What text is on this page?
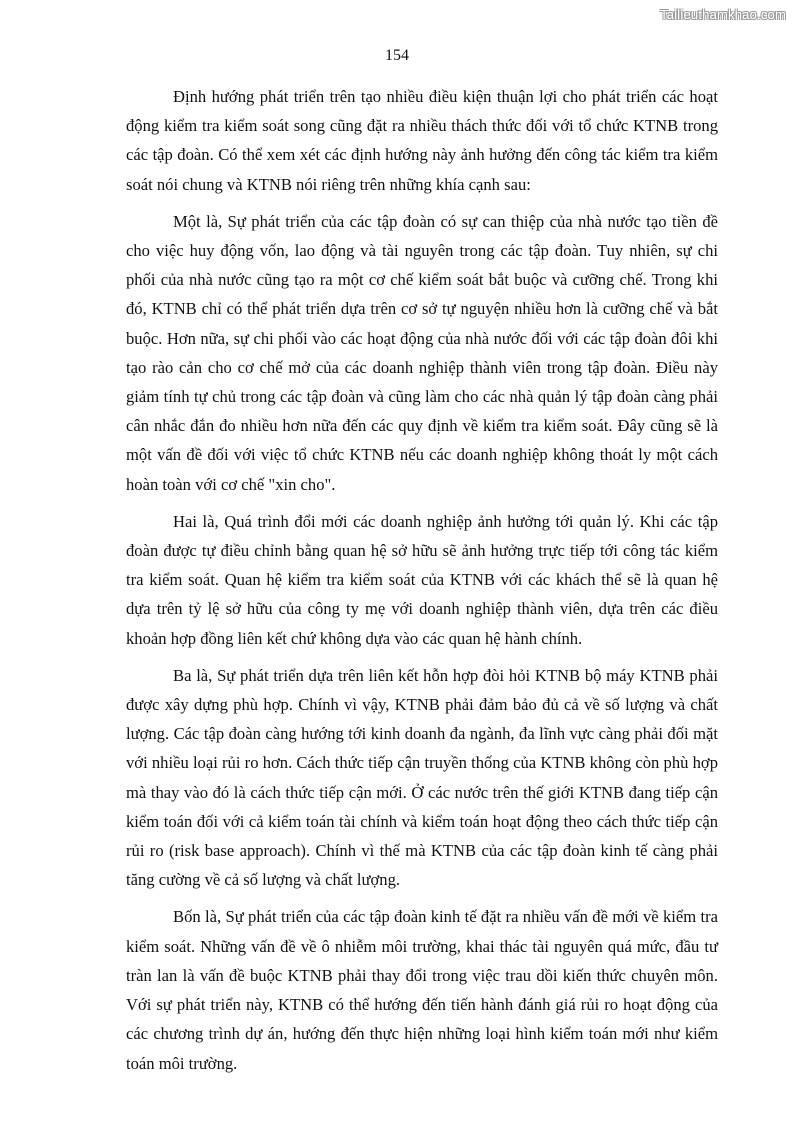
Tailieuthamkhao.com
154

Định hướng phát triển trên tạo nhiều điều kiện thuận lợi cho phát triển các hoạt động kiểm tra kiểm soát song cũng đặt ra nhiều thách thức đối với tổ chức KTNB trong các tập đoàn. Có thể xem xét các định hướng này ảnh hưởng đến công tác kiểm tra kiểm soát nói chung và KTNB nói riêng trên những khía cạnh sau:

Một là, Sự phát triển của các tập đoàn có sự can thiệp của nhà nước tạo tiền đề cho việc huy động vốn, lao động và tài nguyên trong các tập đoàn. Tuy nhiên, sự chi phối của nhà nước cũng tạo ra một cơ chế kiểm soát bắt buộc và cưỡng chế. Trong khi đó, KTNB chỉ có thể phát triển dựa trên cơ sở tự nguyện nhiều hơn là cưỡng chế và bắt buộc. Hơn nữa, sự chi phối vào các hoạt động của nhà nước đối với các tập đoàn đôi khi tạo rào cản cho cơ chế mở của các doanh nghiệp thành viên trong tập đoàn. Điều này giảm tính tự chủ trong các tập đoàn và cũng làm cho các nhà quản lý tập đoàn càng phải cân nhắc đắn đo nhiều hơn nữa đến các quy định về kiểm tra kiểm soát. Đây cũng sẽ là một vấn đề đối với việc tổ chức KTNB nếu các doanh nghiệp không thoát ly một cách hoàn toàn với cơ chế "xin cho".

Hai là, Quá trình đổi mới các doanh nghiệp ảnh hưởng tới quản lý. Khi các tập đoàn được tự điều chỉnh bằng quan hệ sở hữu sẽ ảnh hưởng trực tiếp tới công tác kiểm tra kiểm soát. Quan hệ kiểm tra kiểm soát của KTNB với các khách thể sẽ là quan hệ dựa trên tỷ lệ sở hữu của công ty mẹ với doanh nghiệp thành viên, dựa trên các điều khoản hợp đồng liên kết chứ không dựa vào các quan hệ hành chính.

Ba là, Sự phát triển dựa trên liên kết hỗn hợp đòi hỏi KTNB bộ máy KTNB phải được xây dựng phù hợp. Chính vì vậy, KTNB phải đảm bảo đủ cả về số lượng và chất lượng. Các tập đoàn càng hướng tới kinh doanh đa ngành, đa lĩnh vực càng phải đối mặt với nhiều loại rủi ro hơn. Cách thức tiếp cận truyền thống của KTNB không còn phù hợp mà thay vào đó là cách thức tiếp cận mới. Ở các nước trên thế giới KTNB đang tiếp cận kiểm toán đối với cả kiểm toán tài chính và kiểm toán hoạt động theo cách thức tiếp cận rủi ro (risk base approach). Chính vì thế mà KTNB của các tập đoàn kinh tế càng phải tăng cường về cả số lượng và chất lượng.

Bốn là, Sự phát triển của các tập đoàn kinh tế đặt ra nhiều vấn đề mới về kiểm tra kiểm soát. Những vấn đề về ô nhiễm môi trường, khai thác tài nguyên quá mức, đầu tư tràn lan là vấn đề buộc KTNB phải thay đổi trong việc trau dồi kiến thức chuyên môn. Với sự phát triển này, KTNB có thể hướng đến tiến hành đánh giá rủi ro hoạt động của các chương trình dự án, hướng đến thực hiện những loại hình kiểm toán mới như kiểm toán môi trường.
